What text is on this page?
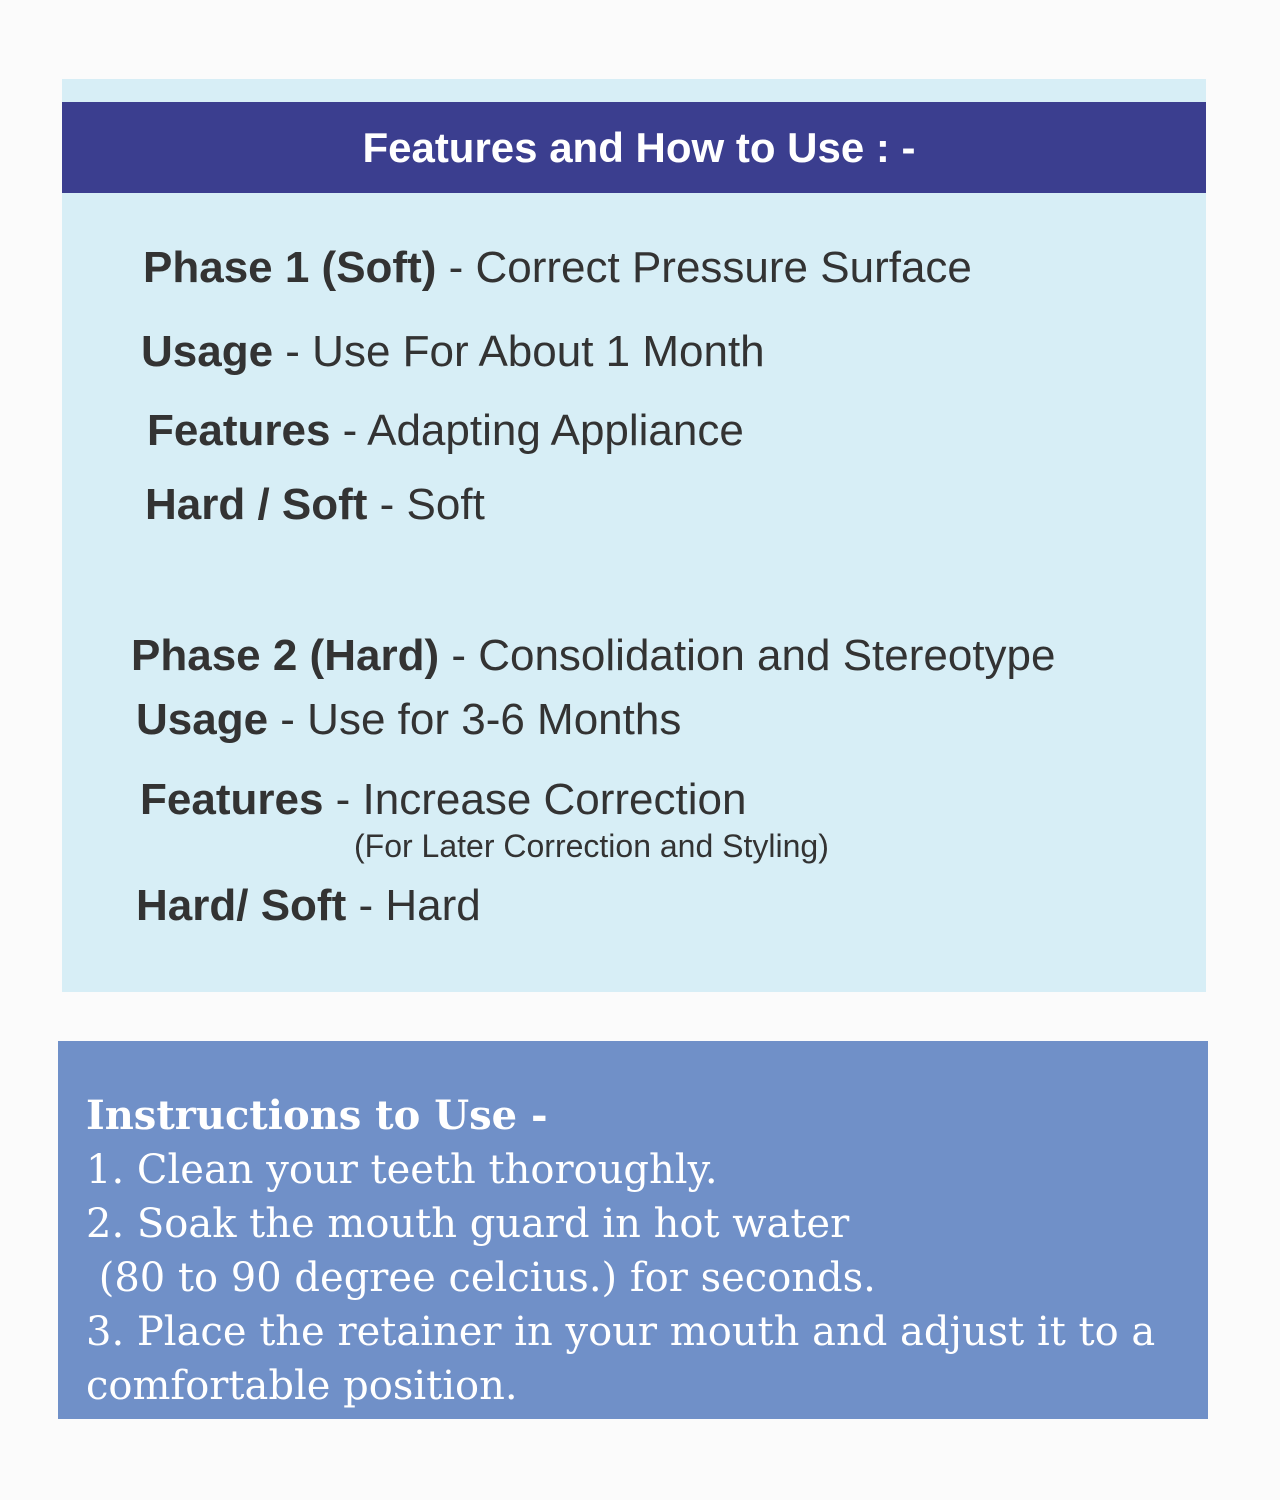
Features and How to Use : -
Phase 1 (Soft) - Correct Pressure Surface
Usage - Use For About 1 Month
Features - Adapting Appliance
Hard / Soft - Soft
Phase 2 (Hard) - Consolidation and Stereotype
Usage - Use for 3-6 Months
Features - Increase Correction
(For Later Correction and Styling)
Hard/ Soft - Hard
Instructions to Use -
1. Clean your teeth thoroughly.
2. Soak the mouth guard in hot water
(80 to 90 degree celcius.) for seconds.
3. Place the retainer in your mouth and adjust it to a
comfortable position.
